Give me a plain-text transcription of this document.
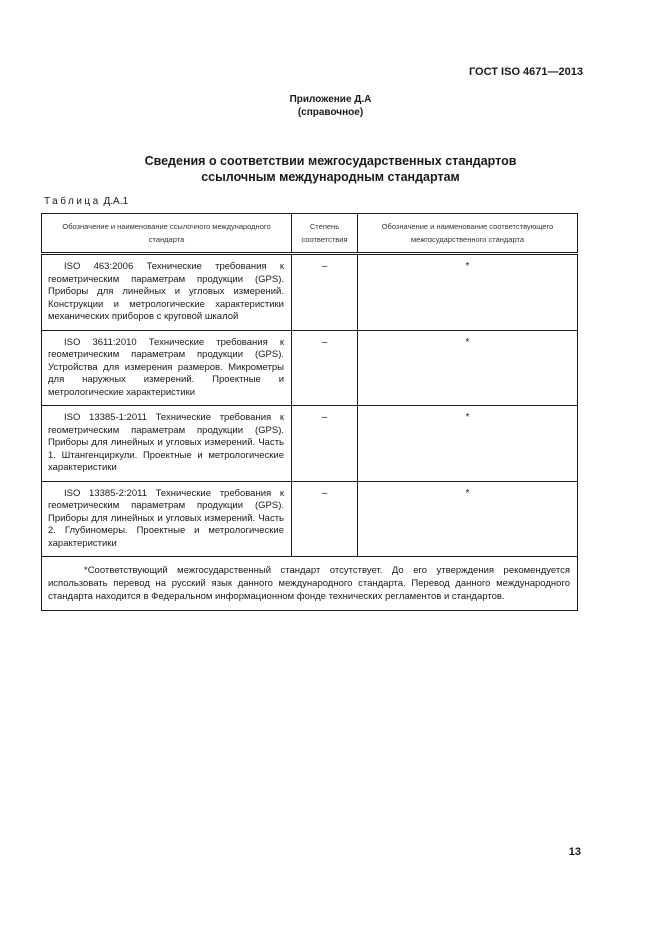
ГОСТ ISO 4671—2013

Приложение Д.А
(справочное)
Сведения о соответствии межгосударственных стандартов
ссылочным международным стандартам

Таблица Д.А.1

Обозначение и наименование ссылочного международного стандарта	Степень соответствия	Обозначение и наименование соответствующего межгосударственного стандарта

ISO 463:2006 Технические требования к геометрическим параметрам продукции (GPS). Приборы для линейных и угловых измерений. Конструкции и метрологические характеристики механических приборов с круговой шкалой	–	*

ISO 3611:2010 Технические требования к геометрическим параметрам продукции (GPS). Устройства для измерения размеров. Микрометры для наружных измерений. Проектные и метрологические характеристики	–	*

ISO 13385-1:2011 Технические требования к геометрическим параметрам продукции (GPS). Приборы для линейных и угловых измерений. Часть 1. Штангенциркули. Проектные и метрологические характеристики	–	*

ISO 13385-2:2011 Технические требования к геометрическим параметрам продукции (GPS). Приборы для линейных и угловых измерений. Часть 2. Глубиномеры. Проектные и метрологические характеристики	–	*

*Соответствующий межгосударственный стандарт отсутствует. До его утверждения рекомендуется использовать перевод на русский язык данного международного стандарта. Перевод данного международного стандарта находится в Федеральном информационном фонде технических регламентов и стандартов.		

13
